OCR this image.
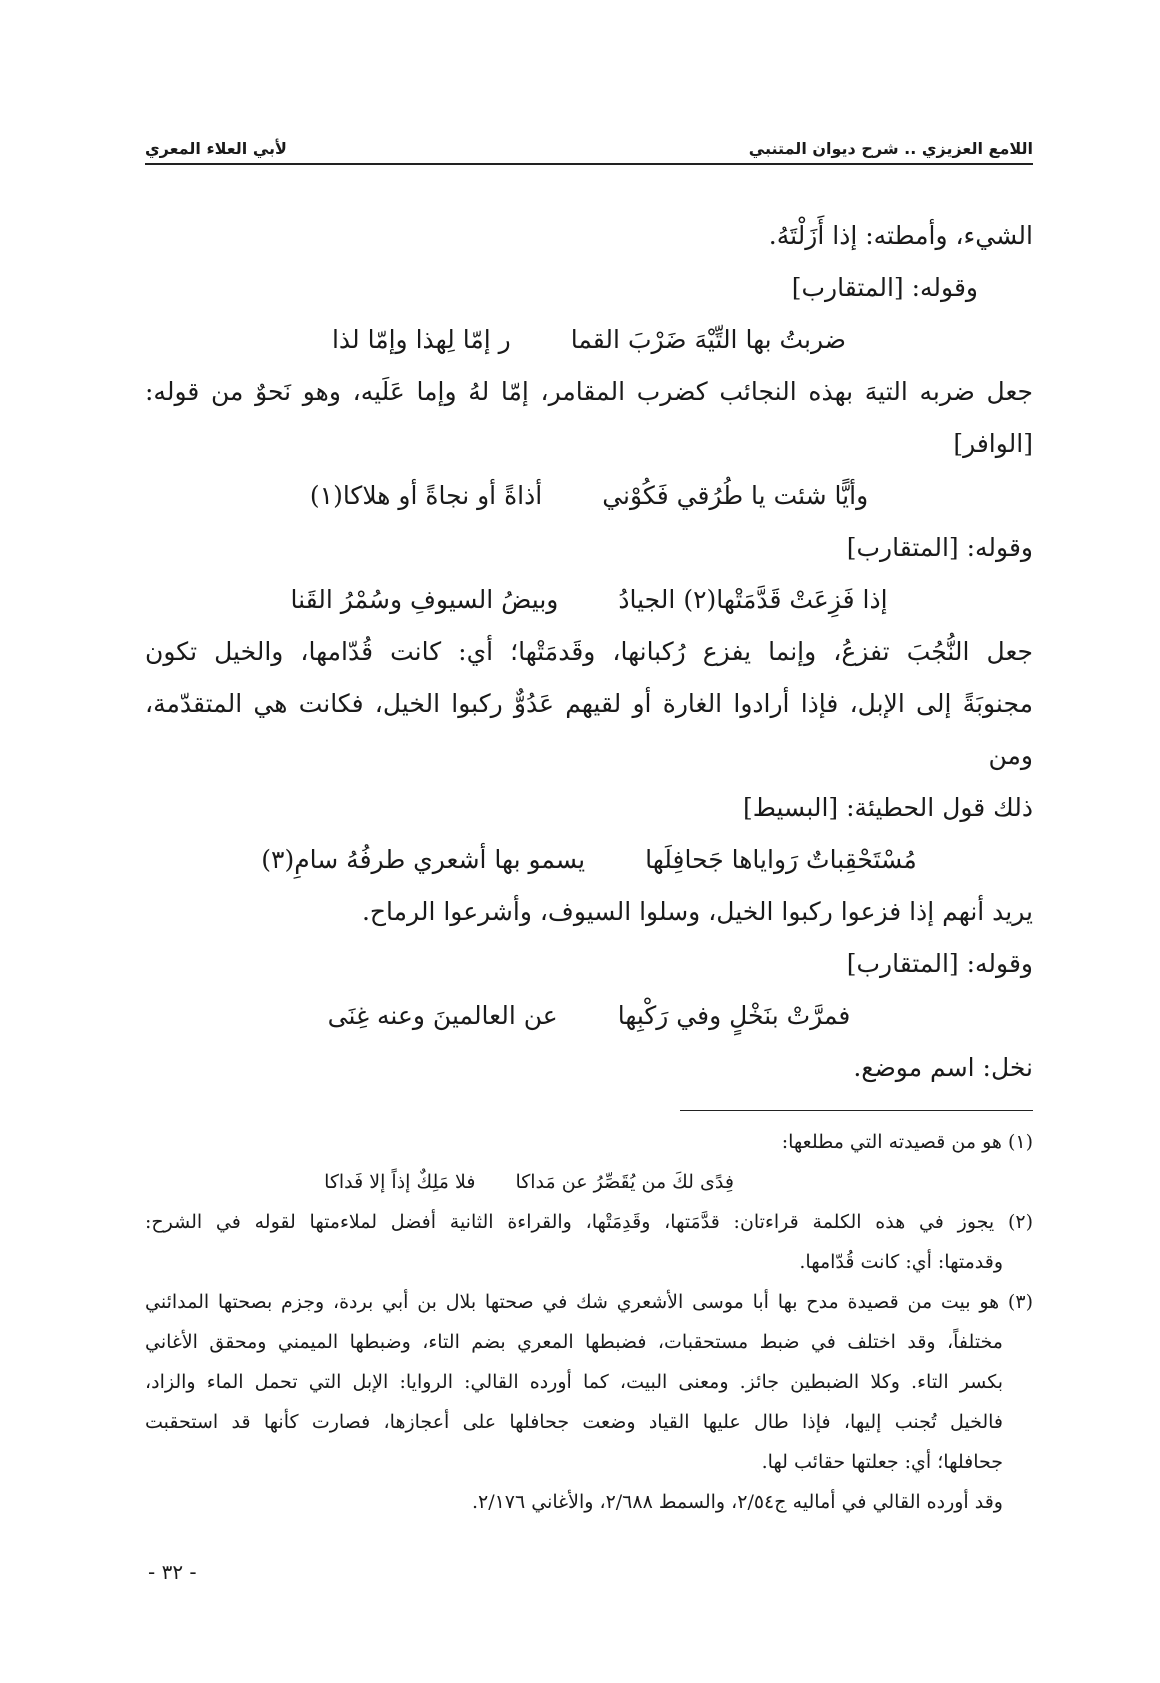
اللامع العزيزي .. شرح ديوان المتنبي
لأبي العلاء المعري
الشيء، وأمطته: إذا أَزَلْتَهُ.
وقوله: [المتقارب]
ضربتُ بها التِّيْهَ ضَرْبَ القما
ر إمّا لِهذا وإمّا لذا
جعل ضربه التيهَ بهذه النجائب كضرب المقامر، إمّا لهُ وإما عَلَيه، وهو نَحوٌ من قوله: [الوافر]
وأيًّا شئت يا طُرُقي فَكُوْني
أذاةً أو نجاةً أو هلاكا(١)
وقوله: [المتقارب]
إذا فَزِعَتْ قَدَّمَتْها(٢) الجيادُ
وبيضُ السيوفِ وسُمْرُ القَنا
جعل النُّجُبَ تفزعُ، وإنما يفزع رُكبانها، وقَدمَتْها؛ أي: كانت قُدّامها، والخيل تكون
مجنوبَةً إلى الإبل، فإذا أرادوا الغارة أو لقيهم عَدُوٌّ ركبوا الخيل، فكانت هي المتقدّمة، ومن
ذلك قول الحطيئة: [البسيط]
مُسْتَحْقِباتٌ رَواياها جَحافِلَها
يسمو بها أشعري طرفُهُ سامِ(٣)
يريد أنهم إذا فزعوا ركبوا الخيل، وسلوا السيوف، وأشرعوا الرماح.
وقوله: [المتقارب]
فمرَّتْ بنَخْلٍ وفي رَكْبِها
عن العالمينَ وعنه غِنَى
نخل: اسم موضع.
(١) هو من قصيدته التي مطلعها:
فِدًى لكَ من يُقَصِّرُ عن مَداكا
فلا مَلِكٌ إذاً إلا فَداكا
(٢) يجوز في هذه الكلمة قراءتان: قدَّمَتها، وقَدِمَتْها، والقراءة الثانية أفضل لملاءمتها لقوله في الشرح:
وقدمتها: أي: كانت قُدّامها.
(٣) هو بيت من قصيدة مدح بها أبا موسى الأشعري شك في صحتها بلال بن أبي بردة، وجزم بصحتها المدائني
مختلفاً، وقد اختلف في ضبط مستحقبات، فضبطها المعري بضم التاء، وضبطها الميمني ومحقق الأغاني
بكسر التاء. وكلا الضبطين جائز. ومعنى البيت، كما أورده القالي: الروايا: الإبل التي تحمل الماء والزاد،
فالخيل تُجنب إليها، فإذا طال عليها القياد وضعت جحافلها على أعجازها، فصارت كأنها قد استحقبت
جحافلها؛ أي: جعلتها حقائب لها.
وقد أورده القالي في أماليه ج٢/٥٤، والسمط ٢/٦٨٨، والأغاني ٢/١٧٦.
- ٣٢ -
